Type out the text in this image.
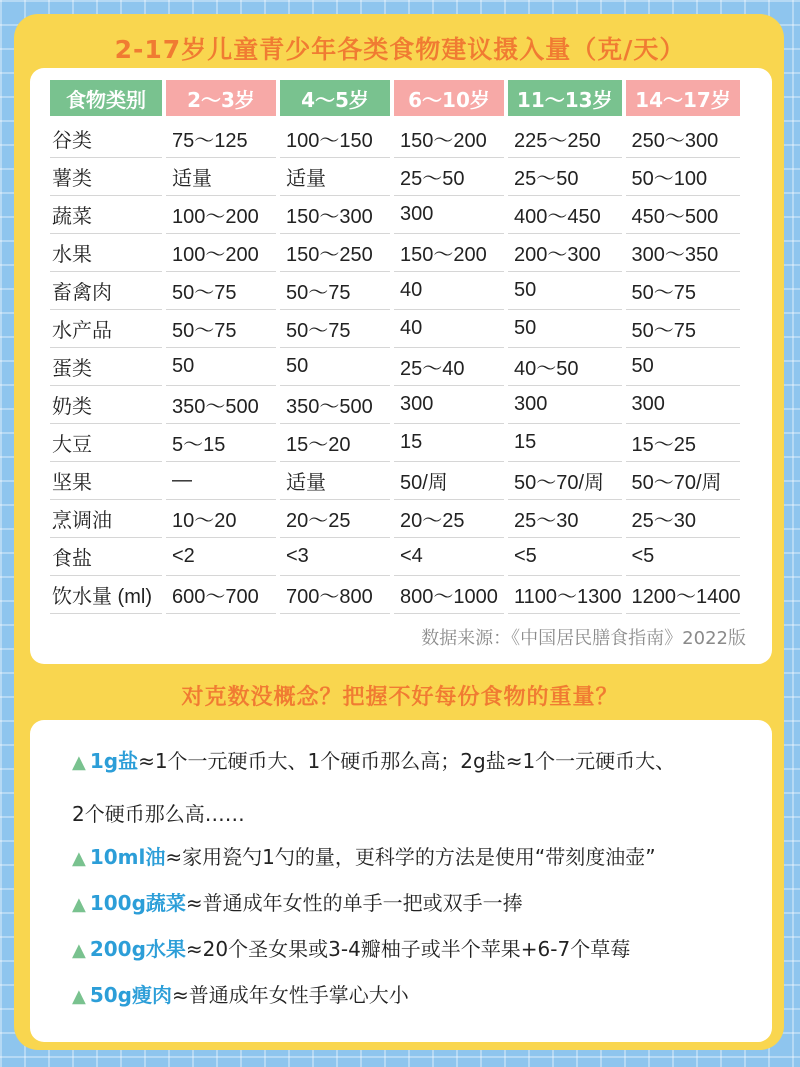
2-17岁儿童青少年各类食物建议摄入量（克/天）
食物类别	2～3岁	4～5岁	6～10岁	11～13岁	14～17岁
谷类	75～125	100～150	150～200	225～250	250～300
薯类	适量	适量	25～50	25～50	50～100
蔬菜	100～200	150～300	300	400～450	450～500
水果	100～200	150～250	150～200	200～300	300～350
畜禽肉	50～75	50～75	40	50	50～75
水产品	50～75	50～75	40	50	50～75
蛋类	50	50	25～40	40～50	50
奶类	350～500	350～500	300	300	300
大豆	5～15	15～20	15	15	15～25
坚果	—	适量	50/周	50～70/周	50～70/周
烹调油	10～20	20～25	20～25	25～30	25～30
食盐	<2	<3	<4	<5	<5
饮水量 (ml)	600～700	700～800	800～1000	1100～1300	1200～1400
数据来源：《中国居民膳食指南》2022版
对克数没概念？把握不好每份食物的重量？
▲ 1g盐≈1个一元硬币大、1个硬币那么高；2g盐≈1个一元硬币大、
2个硬币那么高……
▲ 10ml油≈家用瓷勺1勺的量，更科学的方法是使用“带刻度油壶”
▲ 100g蔬菜≈普通成年女性的单手一把或双手一捧
▲ 200g水果≈20个圣女果或3-4瓣柚子或半个苹果+6-7个草莓
▲ 50g瘦肉≈普通成年女性手掌心大小
